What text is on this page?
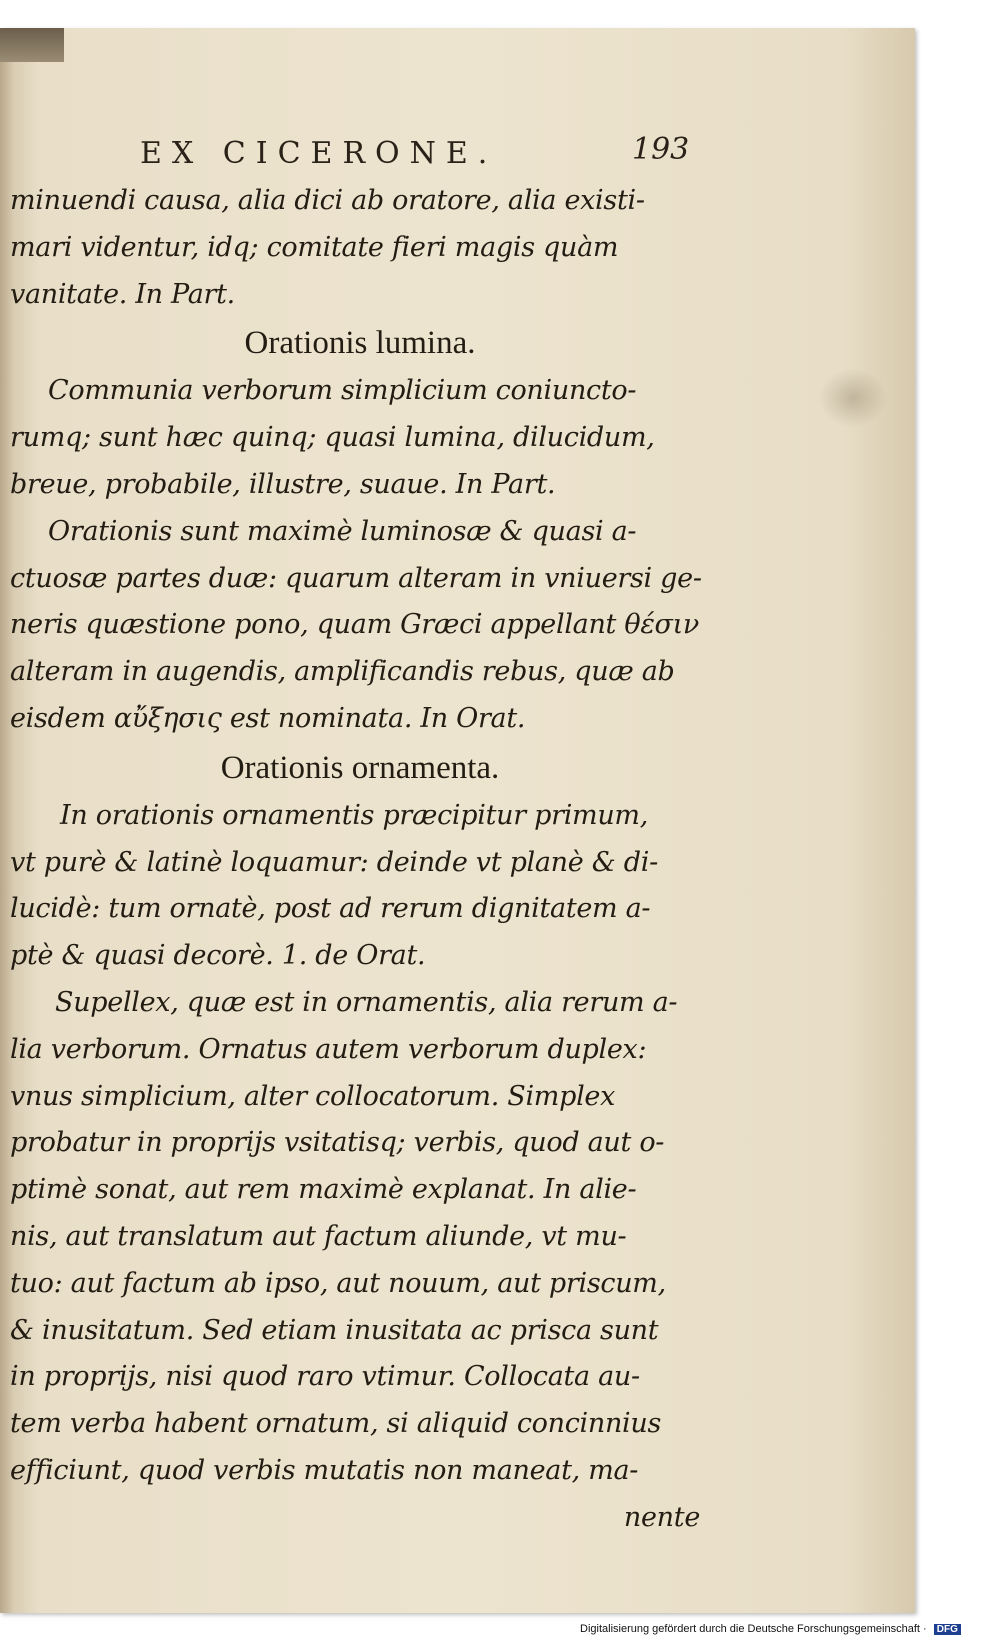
EX CICERONE.	193
minuendi causa, alia dici ab oratore, alia existi-
mari videntur, idq; comitate fieri magis quàm
vanitate. In Part.
Orationis lumina.
Communia verborum simplicium coniuncto-
rumq; sunt hæc quinq; quasi lumina, dilucidum,
breue, probabile, illustre, suaue. In Part.
Orationis sunt maximè luminosæ & quasi a-
ctuosæ partes duæ: quarum alteram in vniuersi ge-
neris quæstione pono, quam Græci appellant θέσιν
alteram in augendis, amplificandis rebus, quæ ab
eisdem αὔξησις est nominata. In Orat.
Orationis ornamenta.
In orationis ornamentis præcipitur primum,
vt purè & latinè loquamur: deinde vt planè & di-
lucidè: tum ornatè, post ad rerum dignitatem a-
ptè & quasi decorè. 1. de Orat.
Supellex, quæ est in ornamentis, alia rerum a-
lia verborum. Ornatus autem verborum duplex:
vnus simplicium, alter collocatorum. Simplex
probatur in proprijs vsitatisq; verbis, quod aut o-
ptimè sonat, aut rem maximè explanat. In alie-
nis, aut translatum aut factum aliunde, vt mu-
tuo: aut factum ab ipso, aut nouum, aut priscum,
& inusitatum. Sed etiam inusitata ac prisca sunt
in proprijs, nisi quod raro vtimur. Collocata au-
tem verba habent ornatum, si aliquid concinnius
efficiunt, quod verbis mutatis non maneat, ma-
nente
Digitalisierung gefördert durch die Deutsche Forschungsgemeinschaft · DFG
